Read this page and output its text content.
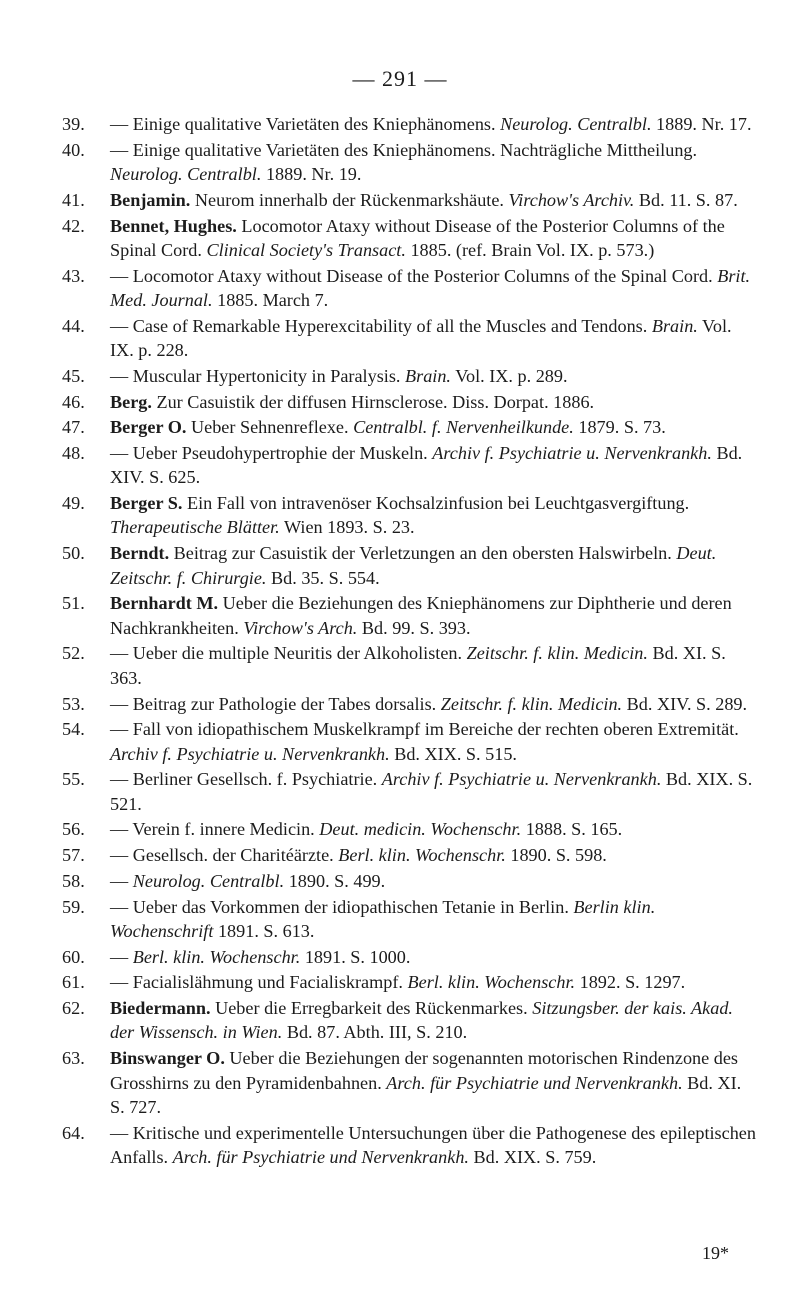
— 291 —
39. — Einige qualitative Varietäten des Kniephänomens. Neurolog. Centralbl. 1889. Nr. 17.
40. — Einige qualitative Varietäten des Kniephänomens. Nachträgliche Mittheilung. Neurolog. Centralbl. 1889. Nr. 19.
41. Benjamin. Neurom innerhalb der Rückenmarkshäute. Virchow's Archiv. Bd. 11. S. 87.
42. Bennet, Hughes. Locomotor Ataxy without Disease of the Posterior Columns of the Spinal Cord. Clinical Society's Transact. 1885. (ref. Brain Vol. IX. p. 573.)
43. — Locomotor Ataxy without Disease of the Posterior Columns of the Spinal Cord. Brit. Med. Journal. 1885. March 7.
44. — Case of Remarkable Hyperexcitability of all the Muscles and Tendons. Brain. Vol. IX. p. 228.
45. — Muscular Hypertonicity in Paralysis. Brain. Vol. IX. p. 289.
46. Berg. Zur Casuistik der diffusen Hirnsclerose. Diss. Dorpat. 1886.
47. Berger O. Ueber Sehnenreflexe. Centralbl. f. Nervenheilkunde. 1879. S. 73.
48. — Ueber Pseudohypertrophie der Muskeln. Archiv f. Psychiatrie u. Nervenkrankh. Bd. XIV. S. 625.
49. Berger S. Ein Fall von intravenöser Kochsalzinfusion bei Leuchtgasvergiftung. Therapeutische Blätter. Wien 1893. S. 23.
50. Berndt. Beitrag zur Casuistik der Verletzungen an den obersten Halswirbeln. Deut. Zeitschr. f. Chirurgie. Bd. 35. S. 554.
51. Bernhardt M. Ueber die Beziehungen des Kniephänomens zur Diphtherie und deren Nachkrankheiten. Virchow's Arch. Bd. 99. S. 393.
52. — Ueber die multiple Neuritis der Alkoholisten. Zeitschr. f. klin. Medicin. Bd. XI. S. 363.
53. — Beitrag zur Pathologie der Tabes dorsalis. Zeitschr. f. klin. Medicin. Bd. XIV. S. 289.
54. — Fall von idiopathischem Muskelkrampf im Bereiche der rechten oberen Extremität. Archiv f. Psychiatrie u. Nervenkrankh. Bd. XIX. S. 515.
55. — Berliner Gesellsch. f. Psychiatrie. Archiv f. Psychiatrie u. Nervenkrankh. Bd. XIX. S. 521.
56. — Verein f. innere Medicin. Deut. medicin. Wochenschr. 1888. S. 165.
57. — Gesellsch. der Charitéärzte. Berl. klin. Wochenschr. 1890. S. 598.
58. — Neurolog. Centralbl. 1890. S. 499.
59. — Ueber das Vorkommen der idiopathischen Tetanie in Berlin. Berlin klin. Wochenschrift 1891. S. 613.
60. — Berl. klin. Wochenschr. 1891. S. 1000.
61. — Facialislähmung und Facialiskrampf. Berl. klin. Wochenschr. 1892. S. 1297.
62. Biedermann. Ueber die Erregbarkeit des Rückenmarkes. Sitzungsber. der kais. Akad. der Wissensch. in Wien. Bd. 87. Abth. III, S. 210.
63. Binswanger O. Ueber die Beziehungen der sogenannten motorischen Rindenzone des Grosshirns zu den Pyramidenbahnen. Arch. für Psychiatrie und Nervenkrankh. Bd. XI. S. 727.
64. — Kritische und experimentelle Untersuchungen über die Pathogenese des epileptischen Anfalls. Arch. für Psychiatrie und Nervenkrankh. Bd. XIX. S. 759.
19*
